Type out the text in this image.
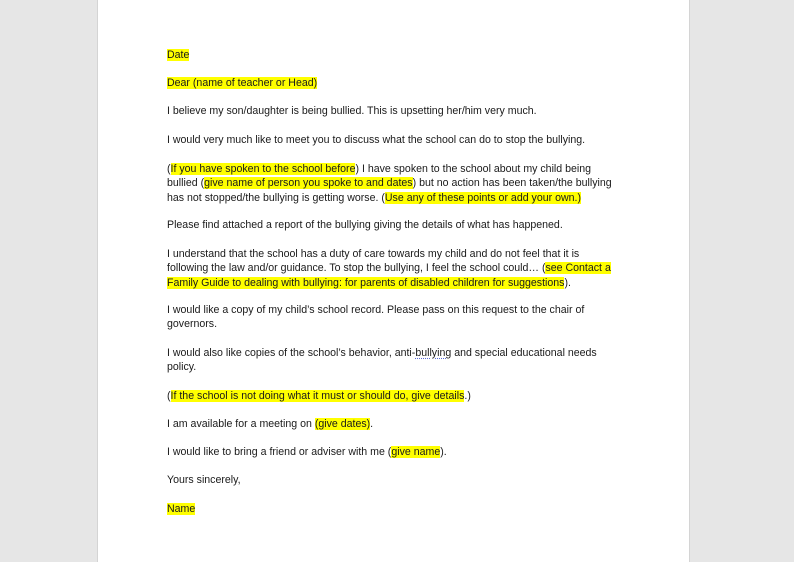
Date

Dear (name of teacher or Head)

I believe my son/daughter is being bullied. This is upsetting her/him very much.

I would very much like to meet you to discuss what the school can do to stop the bullying.

(If you have spoken to the school before) I have spoken to the school about my child being
bullied (give name of person you spoke to and dates) but no action has been taken/the bullying
has not stopped/the bullying is getting worse. (Use any of these points or add your own.)

Please find attached a report of the bullying giving the details of what has happened.

I understand that the school has a duty of care towards my child and do not feel that it is
following the law and/or guidance. To stop the bullying, I feel the school could… (see Contact a
Family Guide to dealing with bullying: for parents of disabled children for suggestions).
I would like a copy of my child’s school record. Please pass on this request to the chair of
governors.
I would also like copies of the school’s behavior, anti-bullying and special educational needs
policy.

(If the school is not doing what it must or should do, give details.)

I am available for a meeting on (give dates).

I would like to bring a friend or adviser with me (give name).

Yours sincerely,

Name
